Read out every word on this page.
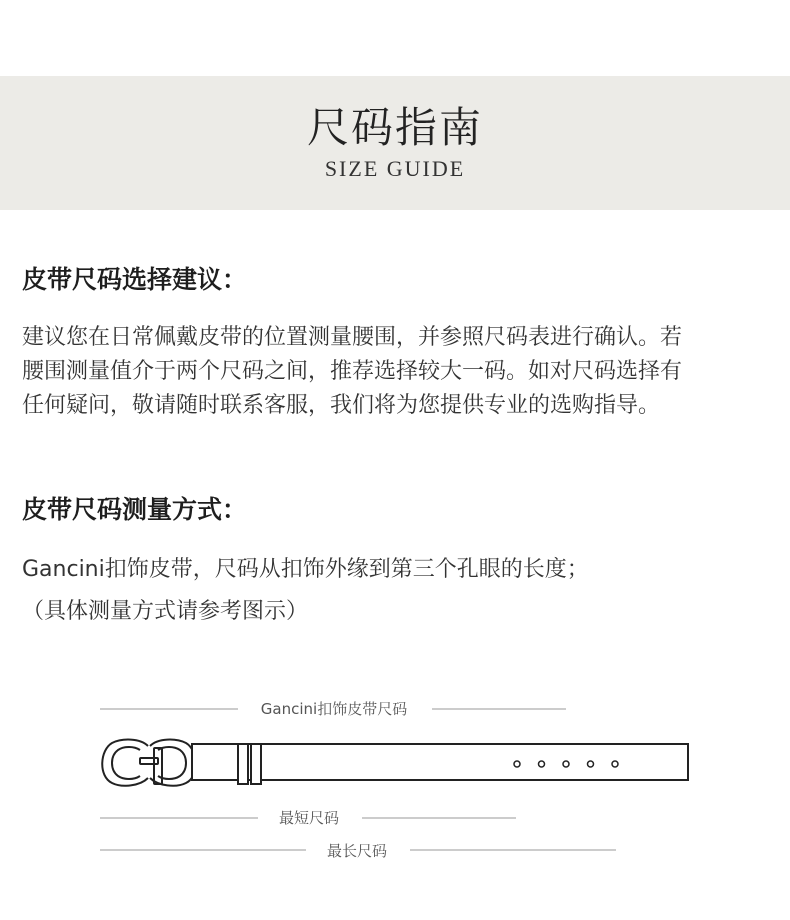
尺码指南
SIZE GUIDE
皮带尺码选择建议：
建议您在日常佩戴皮带的位置测量腰围，并参照尺码表进行确认。若
腰围测量值介于两个尺码之间，推荐选择较大一码。如对尺码选择有
任何疑问，敬请随时联系客服，我们将为您提供专业的选购指导。
皮带尺码测量方式：
Gancini扣饰皮带，尺码从扣饰外缘到第三个孔眼的长度；
（具体测量方式请参考图示）
Gancini扣饰皮带尺码
最短尺码
最长尺码
